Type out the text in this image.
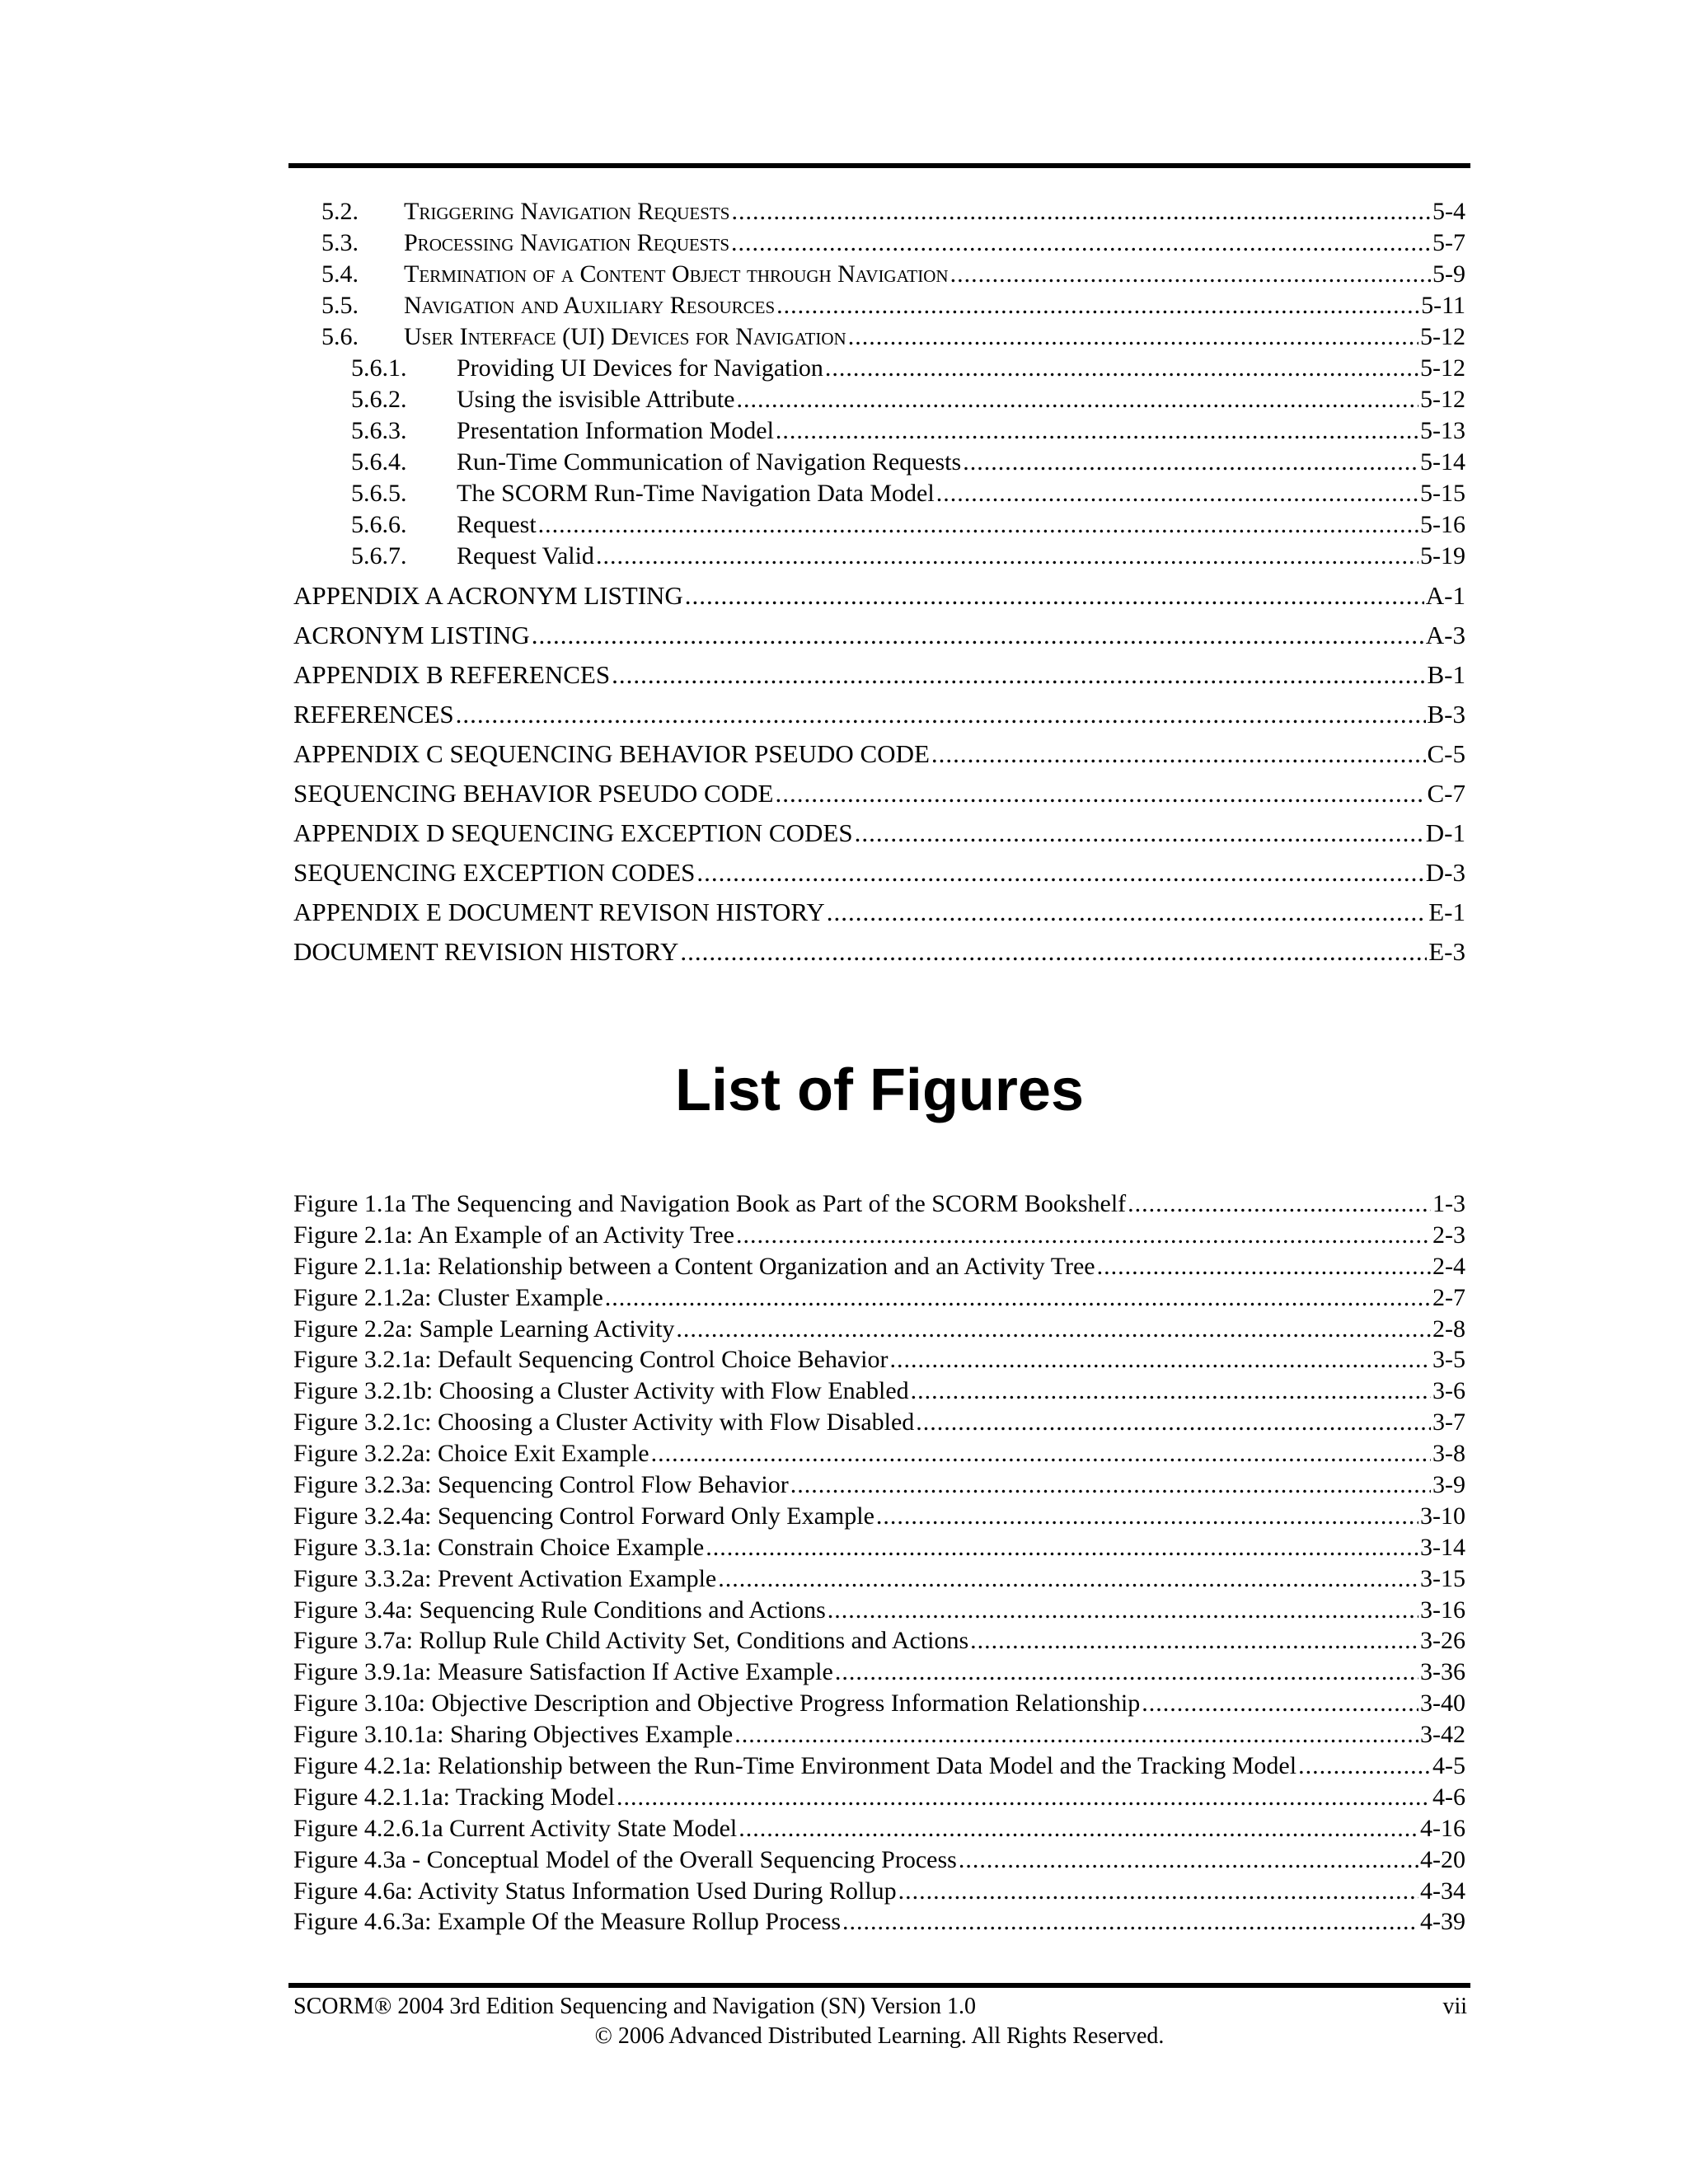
5.2.	Triggering Navigation Requests .....	5-4
5.3.	Processing Navigation Requests .....	5-7
5.4.	Termination of a Content Object through Navigation .....	5-9
5.5.	Navigation and Auxiliary Resources .....	5-11
5.6.	User Interface (UI) Devices for Navigation .....	5-12
5.6.1.	Providing UI Devices for Navigation .....	5-12
5.6.2.	Using the isvisible Attribute .....	5-12
5.6.3.	Presentation Information Model .....	5-13
5.6.4.	Run-Time Communication of Navigation Requests .....	5-14
5.6.5.	The SCORM Run-Time Navigation Data Model .....	5-15
5.6.6.	Request .....	5-16
5.6.7.	Request Valid .....	5-19
APPENDIX A ACRONYM LISTING .....	A-1
ACRONYM LISTING .....	A-3
APPENDIX B REFERENCES .....	B-1
REFERENCES .....	B-3
APPENDIX C SEQUENCING BEHAVIOR PSEUDO CODE .....	C-5
SEQUENCING BEHAVIOR PSEUDO CODE .....	C-7
APPENDIX D SEQUENCING EXCEPTION CODES .....	D-1
SEQUENCING EXCEPTION CODES .....	D-3
APPENDIX E DOCUMENT REVISON HISTORY .....	E-1
DOCUMENT REVISION HISTORY .....	E-3
List of Figures
Figure 1.1a The Sequencing and Navigation Book as Part of the SCORM Bookshelf .....	1-3
Figure 2.1a: An Example of an Activity Tree .....	2-3
Figure 2.1.1a: Relationship between a Content Organization and an Activity Tree .....	2-4
Figure 2.1.2a: Cluster Example .....	2-7
Figure 2.2a: Sample Learning Activity .....	2-8
Figure 3.2.1a: Default Sequencing Control Choice Behavior .....	3-5
Figure 3.2.1b: Choosing a Cluster Activity with Flow Enabled .....	3-6
Figure 3.2.1c: Choosing a Cluster Activity with Flow Disabled .....	3-7
Figure 3.2.2a: Choice Exit Example .....	3-8
Figure 3.2.3a: Sequencing Control Flow Behavior .....	3-9
Figure 3.2.4a: Sequencing Control Forward Only Example .....	3-10
Figure 3.3.1a: Constrain Choice Example .....	3-14
Figure 3.3.2a: Prevent Activation Example .....	3-15
Figure 3.4a: Sequencing Rule Conditions and Actions .....	3-16
Figure 3.7a: Rollup Rule Child Activity Set, Conditions and Actions .....	3-26
Figure 3.9.1a: Measure Satisfaction If Active Example .....	3-36
Figure 3.10a: Objective Description and Objective Progress Information Relationship .....	3-40
Figure 3.10.1a: Sharing Objectives Example .....	3-42
Figure 4.2.1a: Relationship between the Run-Time Environment Data Model and the Tracking Model .....	4-5
Figure 4.2.1.1a: Tracking Model .....	4-6
Figure 4.2.6.1a Current Activity State Model .....	4-16
Figure 4.3a - Conceptual Model of the Overall Sequencing Process .....	4-20
Figure 4.6a: Activity Status Information Used During Rollup .....	4-34
Figure 4.6.3a: Example Of the Measure Rollup Process .....	4-39
SCORM® 2004 3rd Edition Sequencing and Navigation (SN) Version 1.0	vii
© 2006 Advanced Distributed Learning. All Rights Reserved.
